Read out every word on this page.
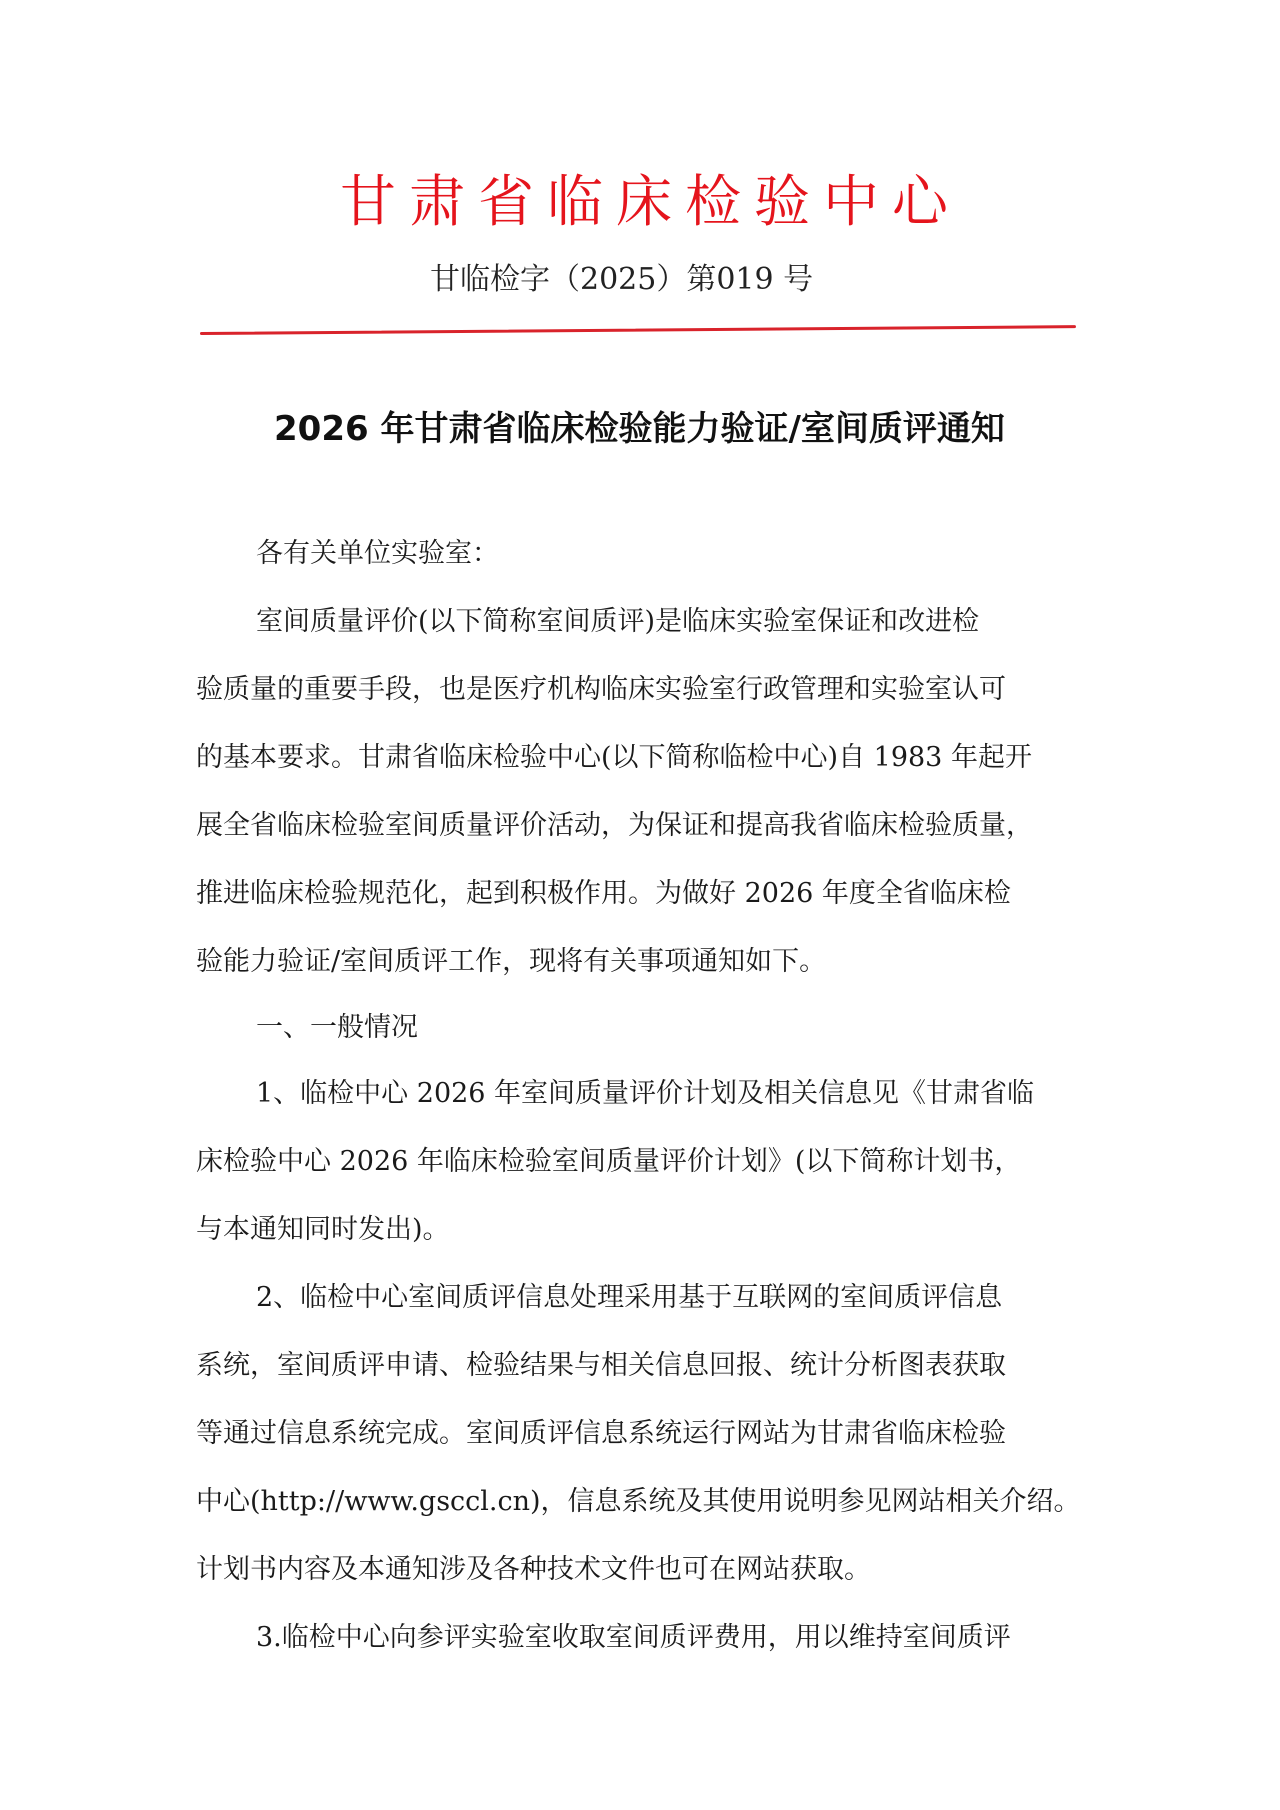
甘肃省临床检验中心
甘临检字（2025）第019 号
2026 年甘肃省临床检验能力验证/室间质评通知
各有关单位实验室：
室间质量评价(以下简称室间质评)是临床实验室保证和改进检
验质量的重要手段，也是医疗机构临床实验室行政管理和实验室认可
的基本要求。甘肃省临床检验中心(以下简称临检中心)自 1983 年起开
展全省临床检验室间质量评价活动，为保证和提高我省临床检验质量，
推进临床检验规范化，起到积极作用。为做好 2026 年度全省临床检
验能力验证/室间质评工作，现将有关事项通知如下。
一、一般情况
1、临检中心 2026 年室间质量评价计划及相关信息见《甘肃省临
床检验中心 2026 年临床检验室间质量评价计划》(以下简称计划书，
与本通知同时发出)。
2、临检中心室间质评信息处理采用基于互联网的室间质评信息
系统，室间质评申请、检验结果与相关信息回报、统计分析图表获取
等通过信息系统完成。室间质评信息系统运行网站为甘肃省临床检验
中心(http://www.gsccl.cn)，信息系统及其使用说明参见网站相关介绍。
计划书内容及本通知涉及各种技术文件也可在网站获取。
3.临检中心向参评实验室收取室间质评费用，用以维持室间质评
